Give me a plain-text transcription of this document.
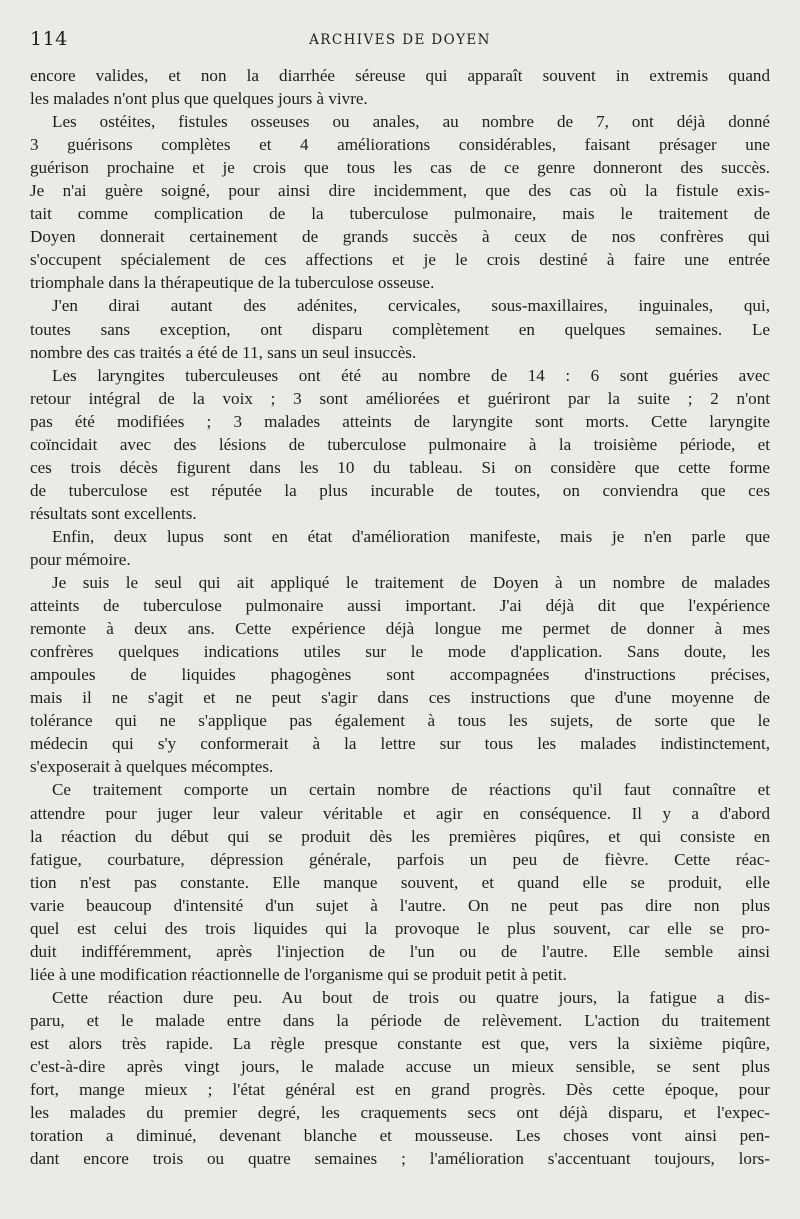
114	ARCHIVES DE DOYEN

encore valides, et non la diarrhée séreuse qui apparaît souvent in extremis quand
les malades n'ont plus que quelques jours à vivre.

Les ostéites, fistules osseuses ou anales, au nombre de 7, ont déjà donné
3 guérisons complètes et 4 améliorations considérables, faisant présager une
guérison prochaine et je crois que tous les cas de ce genre donneront des succès.
Je n'ai guère soigné, pour ainsi dire incidemment, que des cas où la fistule exis-
tait comme complication de la tuberculose pulmonaire, mais le traitement de
Doyen donnerait certainement de grands succès à ceux de nos confrères qui
s'occupent spécialement de ces affections et je le crois destiné à faire une entrée
triomphale dans la thérapeutique de la tuberculose osseuse.

J'en dirai autant des adénites, cervicales, sous-maxillaires, inguinales, qui,
toutes sans exception, ont disparu complètement en quelques semaines. Le
nombre des cas traités a été de 11, sans un seul insuccès.

Les laryngites tuberculeuses ont été au nombre de 14 : 6 sont guéries avec
retour intégral de la voix ; 3 sont améliorées et guériront par la suite ; 2 n'ont
pas été modifiées ; 3 malades atteints de laryngite sont morts. Cette laryngite
coïncidait avec des lésions de tuberculose pulmonaire à la troisième période, et
ces trois décès figurent dans les 10 du tableau. Si on considère que cette forme
de tuberculose est réputée la plus incurable de toutes, on conviendra que ces
résultats sont excellents.

Enfin, deux lupus sont en état d'amélioration manifeste, mais je n'en parle que
pour mémoire.

Je suis le seul qui ait appliqué le traitement de Doyen à un nombre de malades
atteints de tuberculose pulmonaire aussi important. J'ai déjà dit que l'expérience
remonte à deux ans. Cette expérience déjà longue me permet de donner à mes
confrères quelques indications utiles sur le mode d'application. Sans doute, les
ampoules de liquides phagogènes sont accompagnées d'instructions précises,
mais il ne s'agit et ne peut s'agir dans ces instructions que d'une moyenne de
tolérance qui ne s'applique pas également à tous les sujets, de sorte que le
médecin qui s'y conformerait à la lettre sur tous les malades indistinctement,
s'exposerait à quelques mécomptes.

Ce traitement comporte un certain nombre de réactions qu'il faut connaître et
attendre pour juger leur valeur véritable et agir en conséquence. Il y a d'abord
la réaction du début qui se produit dès les premières piqûres, et qui consiste en
fatigue, courbature, dépression générale, parfois un peu de fièvre. Cette réac-
tion n'est pas constante. Elle manque souvent, et quand elle se produit, elle
varie beaucoup d'intensité d'un sujet à l'autre. On ne peut pas dire non plus
quel est celui des trois liquides qui la provoque le plus souvent, car elle se pro-
duit indifféremment, après l'injection de l'un ou de l'autre. Elle semble ainsi
liée à une modification réactionnelle de l'organisme qui se produit petit à petit.

Cette réaction dure peu. Au bout de trois ou quatre jours, la fatigue a dis-
paru, et le malade entre dans la période de relèvement. L'action du traitement
est alors très rapide. La règle presque constante est que, vers la sixième piqûre,
c'est-à-dire après vingt jours, le malade accuse un mieux sensible, se sent plus
fort, mange mieux ; l'état général est en grand progrès. Dès cette époque, pour
les malades du premier degré, les craquements secs ont déjà disparu, et l'expec-
toration a diminué, devenant blanche et mousseuse. Les choses vont ainsi pen-
dant encore trois ou quatre semaines ; l'amélioration s'accentuant toujours, lors-
